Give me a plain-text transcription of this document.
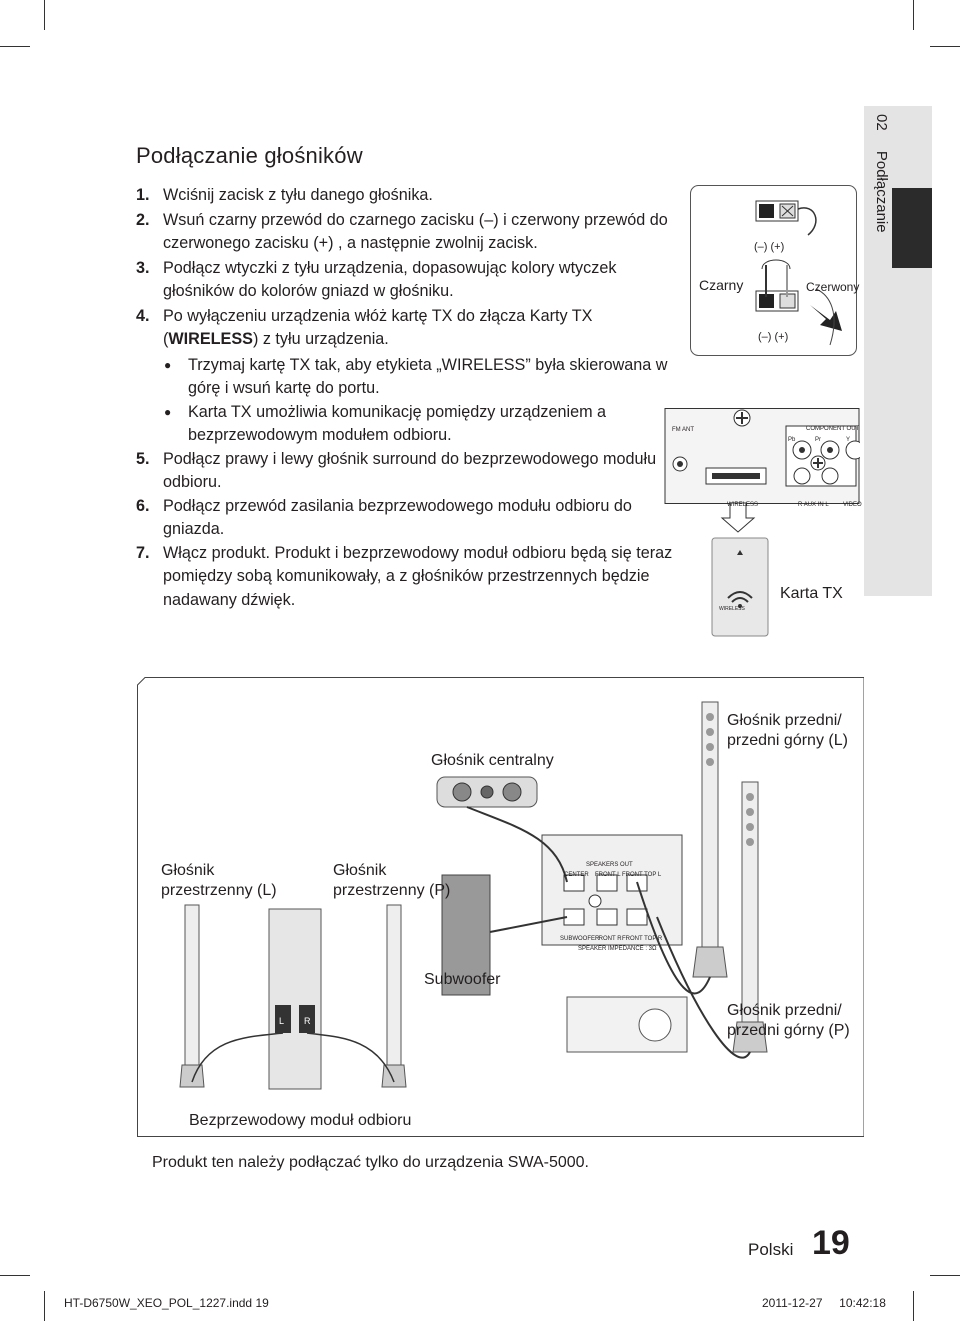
02 Podłączanie
Podłączanie głośników
1. Wciśnij zacisk z tyłu danego głośnika.
2. Wsuń czarny przewód do czarnego zacisku (–) i czerwony przewód do czerwonego zacisku (+) , a następnie zwolnij zacisk.
3. Podłącz wtyczki z tyłu urządzenia, dopasowując kolory wtyczek głośników do kolorów gniazd w głośniku.
4. Po wyłączeniu urządzenia włóż kartę TX do złącza Karty TX (WIRELESS) z tyłu urządzenia.
●	Trzymaj kartę TX tak, aby etykieta „WIRELESS” była skierowana w górę i wsuń kartę do portu.
●	Karta TX umożliwia komunikację pomiędzy urządzeniem a bezprzewodowym modułem odbioru.
5. Podłącz prawy i lewy głośnik surround do bezprzewodowego modułu odbioru.
6. Podłącz przewód zasilania bezprzewodowego modułu odbioru do gniazda.
7. Włącz produkt. Produkt i bezprzewodowy moduł odbioru będą się teraz pomiędzy sobą komunikowały, a z głośników przestrzennych będzie nadawany dźwięk.
(–) (+)
(–) (+)
Czarny	Czerwony
FM ANT	COMPONENT OUT
Pb	Pr	Y
WIRELESS	R AUX IN L VIDEO
WIRELESS
Karta TX
Głośnik centralny
Głośnik przedni/
przedni górny (L)
Głośnik przedni/
przedni górny (P)
Głośnik
przestrzenny (L)
Głośnik
przestrzenny (P)
Subwoofer
Bezprzewodowy moduł odbioru
SPEAKERS OUT
CENTER FRONT L FRONT TOP L
SUBWOOFER
FRONT R FRONT TOP R
SPEAKER IMPEDANCE : 3Ω
L R
Produkt ten należy podłączać tylko do urządzenia SWA-5000.
Polski 19
HT-D6750W_XEO_POL_1227.indd 19	2011-12-27 10:42:18
